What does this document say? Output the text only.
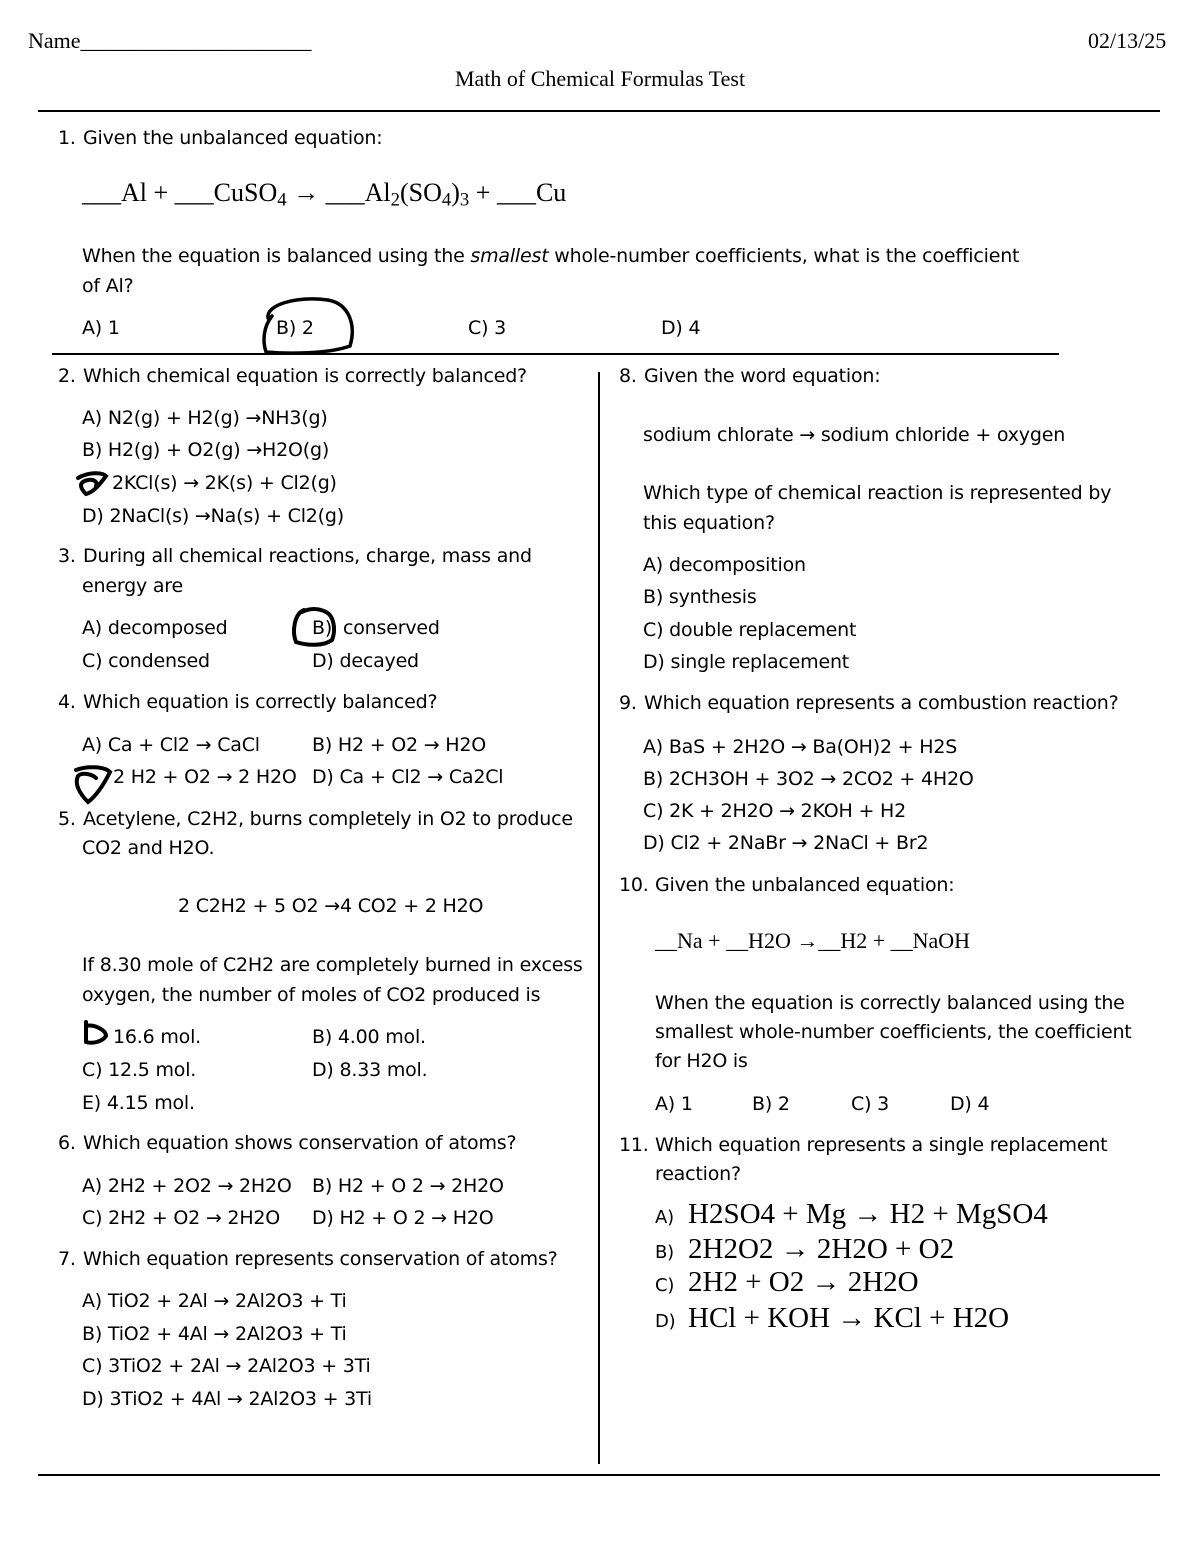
Name_____________________	02/13/25
Math of Chemical Formulas Test
1. Given the unbalanced equation:
___Al + ___CuSO$_4$ → $\_\_\_Al_2(SO_4)_3$ + ___Cu
When the equation is balanced using the smallest whole-number coefficients, what is the coefficient
of Al?
A) 1	B) 2	C) 3	D) 4
2. Which chemical equation is correctly balanced?
A) N2(g) + H2(g) →NH3(g)
B) H2(g) + O2(g) →H2O(g)
2KCl(s) → 2K(s) + Cl2(g)
D) 2NaCl(s) →Na(s) + Cl2(g)
3. During all chemical reactions, charge, mass and
energy are
A) decomposed	B) conserved
C) condensed	D) decayed
4. Which equation is correctly balanced?
A) Ca + Cl2 → CaCl	B) H2 + O2 → H2O
2 H2 + O2 → 2 H2O D) Ca + Cl2 → Ca2Cl
5. Acetylene, C2H2, burns completely in O2 to produce
CO2 and H2O.
2 C2H2 + 5 O2 →4 CO2 + 2 H2O
If 8.30 mole of C2H2 are completely burned in excess
oxygen, the number of moles of CO2 produced is
16.6 mol.	B) 4.00 mol.
C) 12.5 mol.	D) 8.33 mol.
E) 4.15 mol.
6. Which equation shows conservation of atoms?
A) 2H2 + 2O2 → 2H2O B) H2 + O 2 → 2H2O
C) 2H2 + O2 → 2H2O D) H2 + O 2 → H2O
7. Which equation represents conservation of atoms?
A) TiO2 + 2Al → 2Al2O3 + Ti
B) TiO2 + 4Al → 2Al2O3 + Ti
C) 3TiO2 + 2Al → 2Al2O3 + 3Ti
D) 3TiO2 + 4Al → 2Al2O3 + 3Ti
8. Given the word equation:
sodium chlorate → sodium chloride + oxygen
Which type of chemical reaction is represented by
this equation?
A) decomposition
B) synthesis
C) double replacement
D) single replacement
9. Which equation represents a combustion reaction?
A) BaS + 2H2O → Ba(OH)2 + H2S
B) 2CH3OH + 3O2 → 2CO2 + 4H2O
C) 2K + 2H2O → 2KOH + H2
D) Cl2 + 2NaBr → 2NaCl + Br2
10. Given the unbalanced equation:
__Na + __H2O →__H2 + __NaOH
When the equation is correctly balanced using the
smallest whole-number coefficients, the coefficient
for H2O is
A) 1	B) 2	C) 3	D) 4
11. Which equation represents a single replacement
reaction?
A) H2SO4 + Mg → H2 + MgSO4
B) 2H2O2 → 2H2O + O2
C) 2H2 + O2 → 2H2O
D) HCl + KOH → KCl + H2O
